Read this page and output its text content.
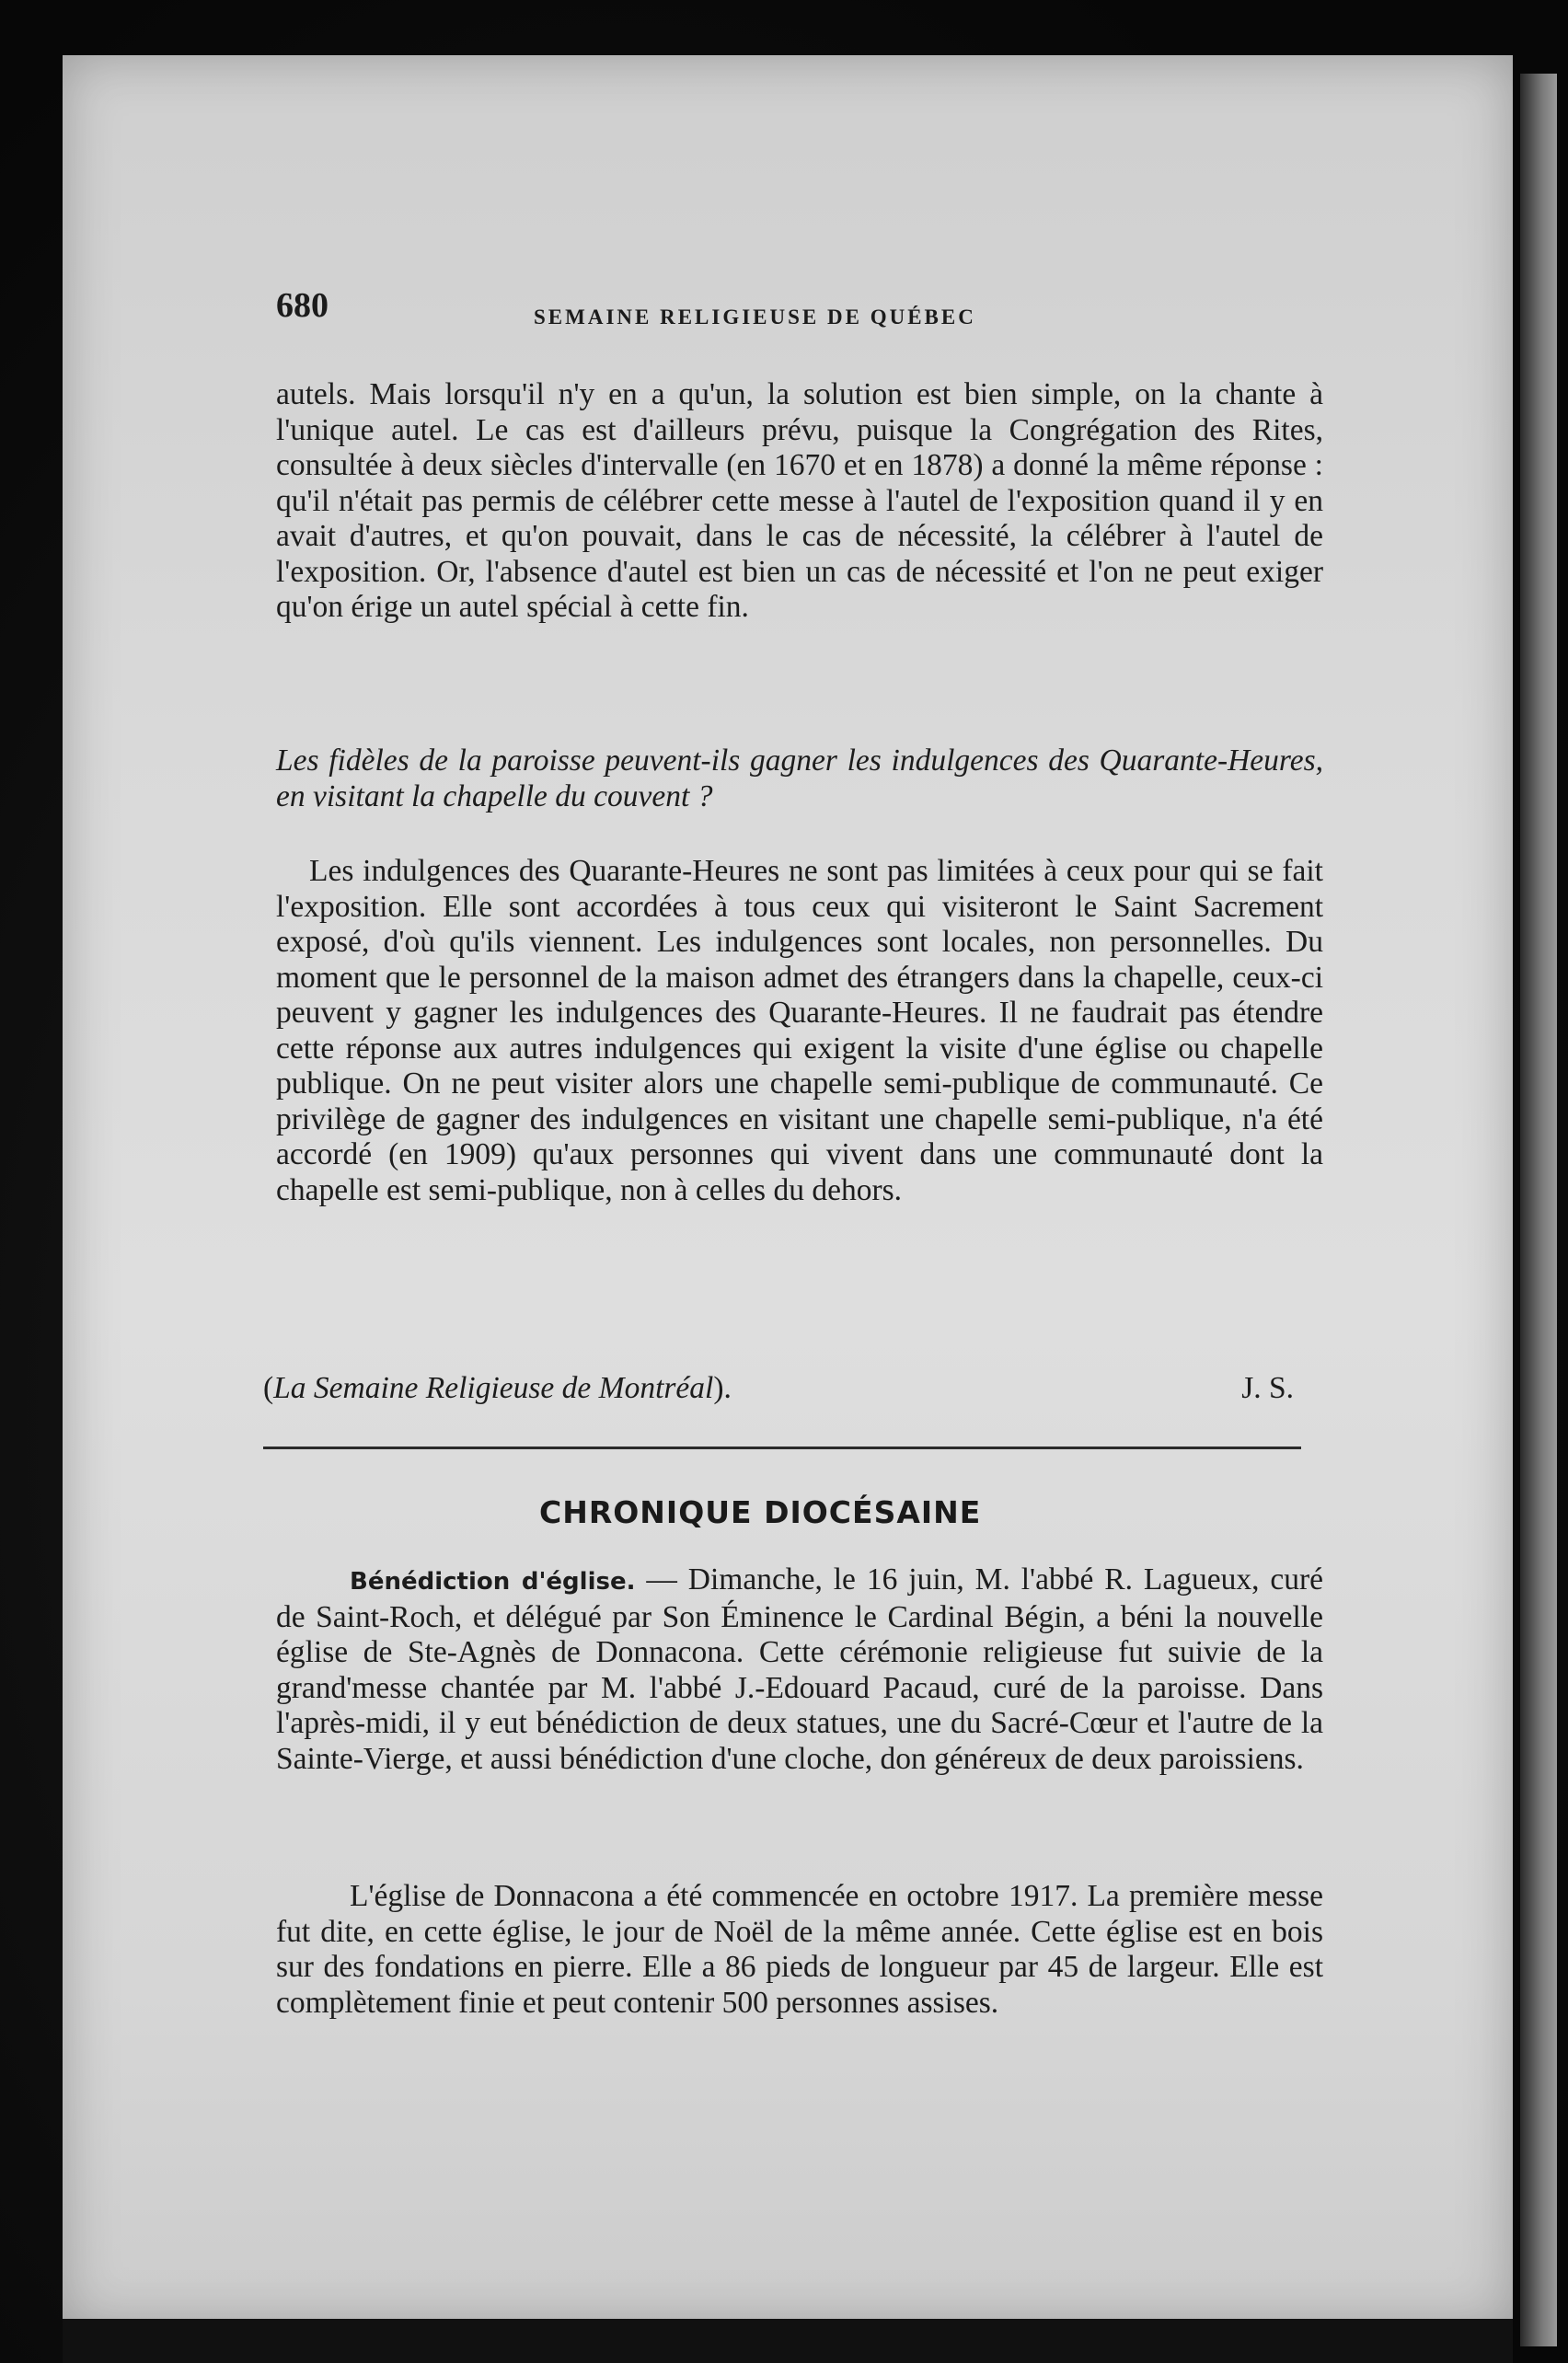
680	SEMAINE RELIGIEUSE DE QUÉBEC

autels. Mais lorsqu'il n'y en a qu'un, la solution est bien simple, on la chante à l'unique autel. Le cas est d'ailleurs prévu, puisque la Congrégation des Rites, consultée à deux siècles d'intervalle (en 1670 et en 1878) a donné la même réponse : qu'il n'était pas permis de célébrer cette messe à l'autel de l'exposition quand il y en avait d'autres, et qu'on pouvait, dans le cas de nécessité, la célébrer à l'autel de l'exposition. Or, l'absence d'autel est bien un cas de nécessité et l'on ne peut exiger qu'on érige un autel spécial à cette fin.

Les fidèles de la paroisse peuvent-ils gagner les indulgences des Quarante-Heures, en visitant la chapelle du couvent ?

Les indulgences des Quarante-Heures ne sont pas limitées à ceux pour qui se fait l'exposition. Elle sont accordées à tous ceux qui visiteront le Saint Sacrement exposé, d'où qu'ils viennent. Les indulgences sont locales, non personnelles. Du moment que le personnel de la maison admet des étrangers dans la chapelle, ceux-ci peuvent y gagner les indulgences des Quarante-Heures. Il ne faudrait pas étendre cette réponse aux autres indulgences qui exigent la visite d'une église ou chapelle publique. On ne peut visiter alors une chapelle semi-publique de communauté. Ce privilège de gagner des indulgences en visitant une chapelle semi-publique, n'a été accordé (en 1909) qu'aux personnes qui vivent dans une communauté dont la chapelle est semi-publique, non à celles du dehors.

(La Semaine Religieuse de Montréal).	J. S.
CHRONIQUE DIOCÉSAINE

Bénédiction d'église. — Dimanche, le 16 juin, M. l'abbé R. Lagueux, curé de Saint-Roch, et délégué par Son Éminence le Cardinal Bégin, a béni la nouvelle église de Ste-Agnès de Donnacona. Cette cérémonie religieuse fut suivie de la grand'messe chantée par M. l'abbé J.-Edouard Pacaud, curé de la paroisse. Dans l'après-midi, il y eut bénédiction de deux statues, une du Sacré-Cœur et l'autre de la Sainte-Vierge, et aussi bénédiction d'une cloche, don généreux de deux paroissiens.

L'église de Donnacona a été commencée en octobre 1917. La première messe fut dite, en cette église, le jour de Noël de la même année. Cette église est en bois sur des fondations en pierre. Elle a 86 pieds de longueur par 45 de largeur. Elle est complètement finie et peut contenir 500 personnes assises.
